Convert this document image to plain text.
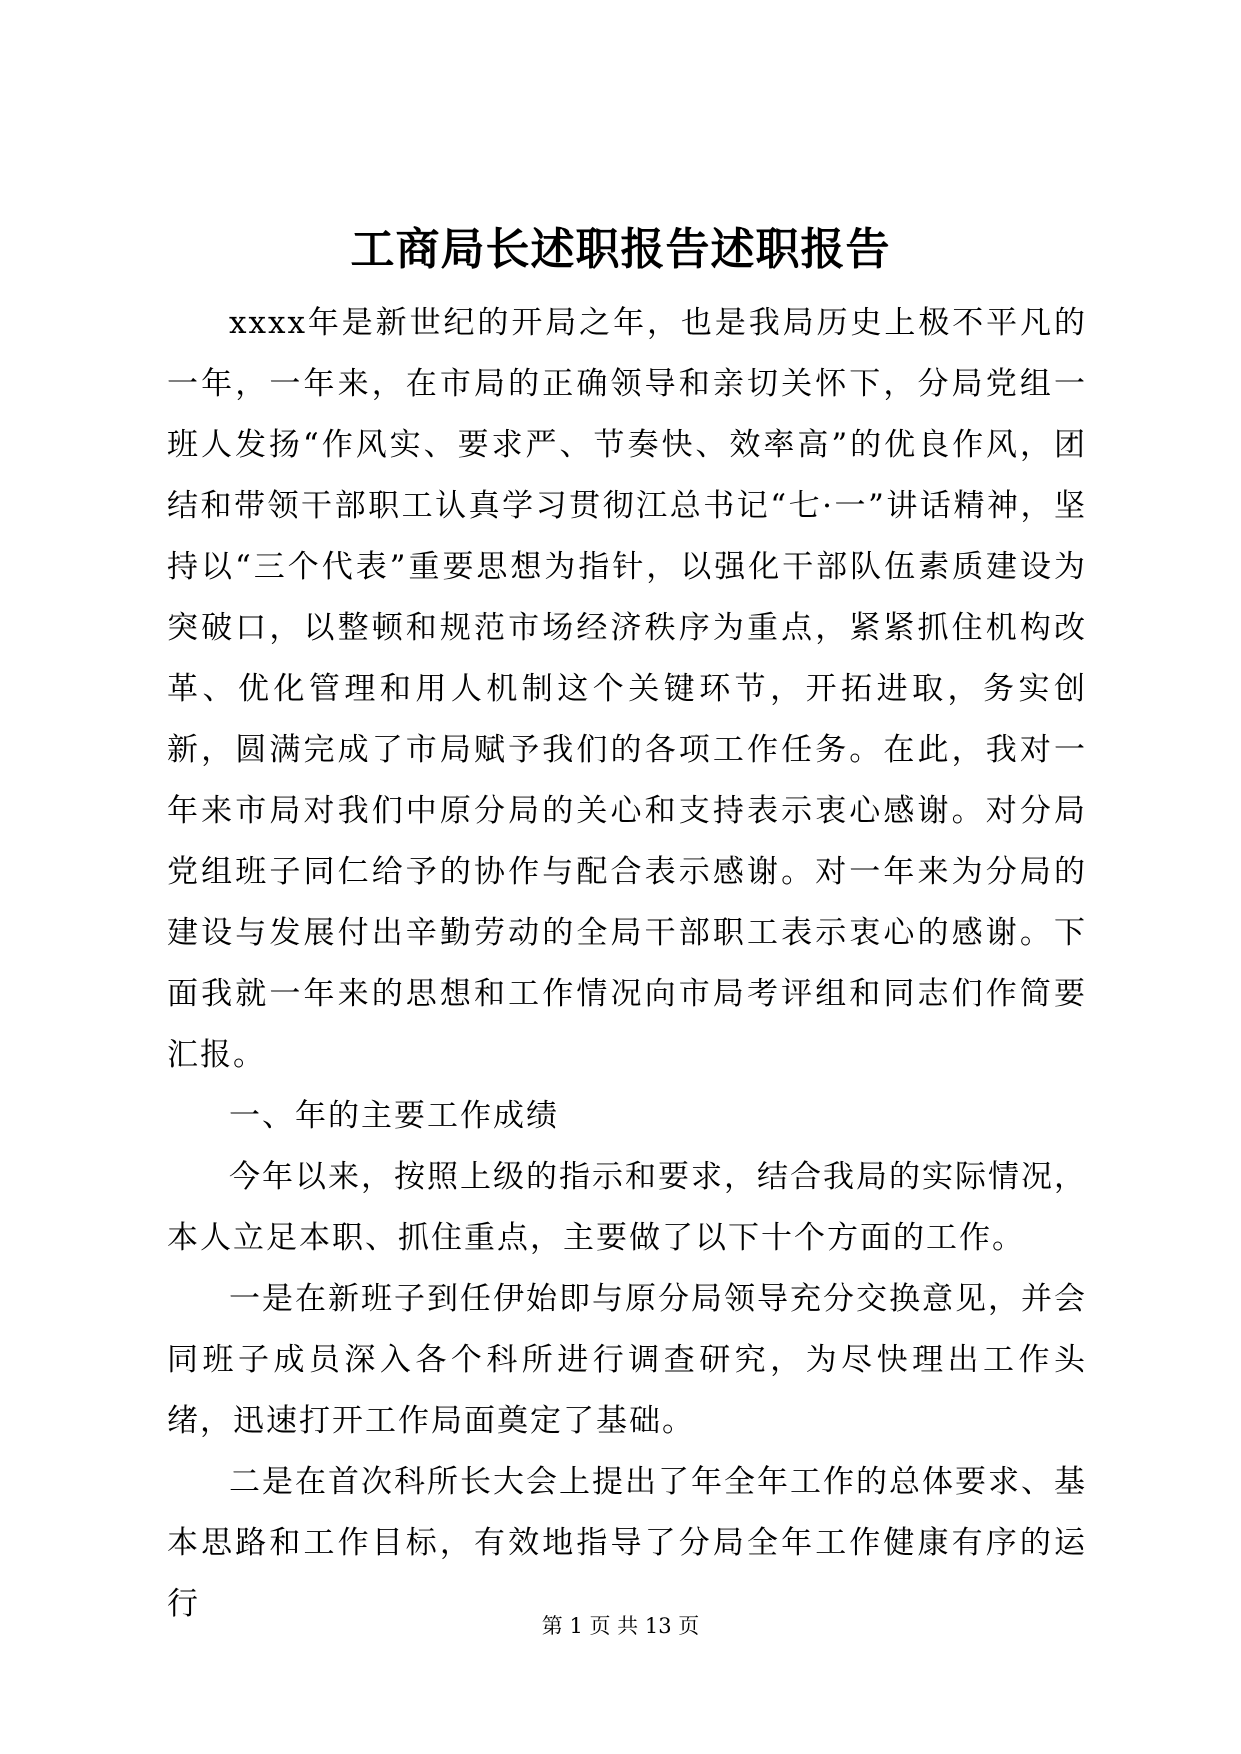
工商局长述职报告述职报告

xxxx年是新世纪的开局之年，也是我局历史上极不平凡的一年，一年来，在市局的正确领导和亲切关怀下，分局党组一班人发扬“作风实、要求严、节奏快、效率高”的优良作风，团结和带领干部职工认真学习贯彻江总书记“七·一”讲话精神，坚持以“三个代表”重要思想为指针，以强化干部队伍素质建设为突破口，以整顿和规范市场经济秩序为重点，紧紧抓住机构改革、优化管理和用人机制这个关键环节，开拓进取，务实创新，圆满完成了市局赋予我们的各项工作任务。在此，我对一年来市局对我们中原分局的关心和支持表示衷心感谢。对分局党组班子同仁给予的协作与配合表示感谢。对一年来为分局的建设与发展付出辛勤劳动的全局干部职工表示衷心的感谢。下面我就一年来的思想和工作情况向市局考评组和同志们作简要汇报。

一、年的主要工作成绩

今年以来，按照上级的指示和要求，结合我局的实际情况，本人立足本职、抓住重点，主要做了以下十个方面的工作。

一是在新班子到任伊始即与原分局领导充分交换意见，并会同班子成员深入各个科所进行调查研究，为尽快理出工作头绪，迅速打开工作局面奠定了基础。

二是在首次科所长大会上提出了年全年工作的总体要求、基本思路和工作目标，有效地指导了分局全年工作健康有序的运行

第 1 页 共 13 页
